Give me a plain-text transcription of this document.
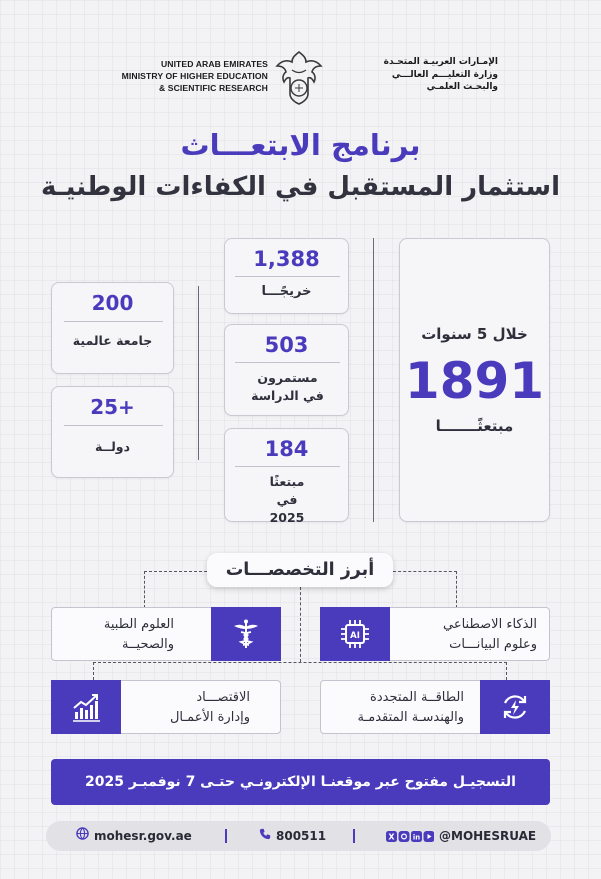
UNITED ARAB EMIRATES
MINISTRY OF HIGHER EDUCATION
& SCIENTIFIC RESEARCH
الإمـارات العربيـة المتحـدة
وزارة التعليـــم العالـــي
والبحـث العلمـي
برنامج الابتعـــاث
استثمار المستقبل في الكفاءات الوطنيـة
خلال 5 سنوات
1891
مبتعثًـــــــا
1,388
خريجًـــا
503
مستمرون في الدراسة
184
مبتعثًا في 2025
200
جامعة عالمية
25+
دولــة
أبرز التخصصـــات
AI
الذكاء الاصطناعي
وعلوم البيانـــات
العلوم الطبية
والصحيــة
الطاقــة المتجددة
والهندسـة المتقدمـة
الاقتصـــاد
وإدارة الأعمـال
التسجيـل مفتوح عبر موقعنـا الإلكترونـي حتـى 7 نوفمبـر 2025
mohesr.gov.ae	800511	X	in @MOHESRUAE
